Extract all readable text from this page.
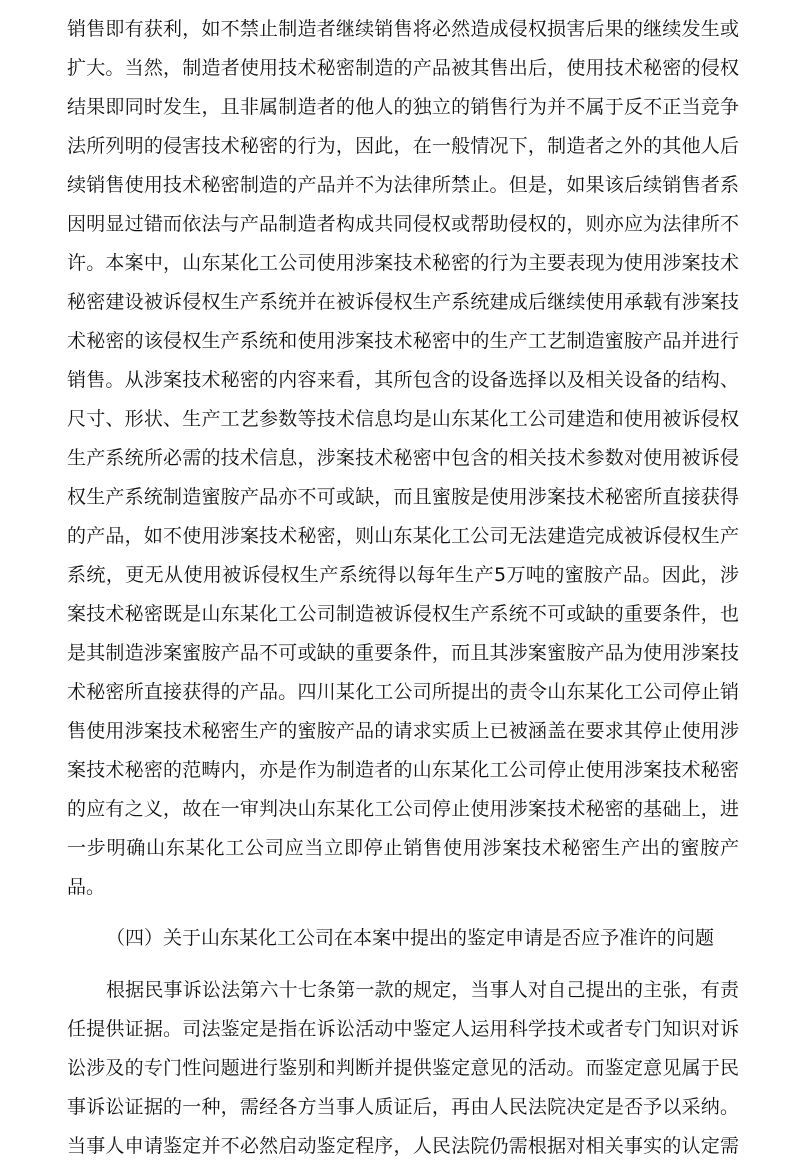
销售即有获利，如不禁止制造者继续销售将必然造成侵权损害后果的继续发生或
扩大。当然，制造者使用技术秘密制造的产品被其售出后，使用技术秘密的侵权
结果即同时发生，且非属制造者的他人的独立的销售行为并不属于反不正当竞争
法所列明的侵害技术秘密的行为，因此，在一般情况下，制造者之外的其他人后
续销售使用技术秘密制造的产品并不为法律所禁止。但是，如果该后续销售者系
因明显过错而依法与产品制造者构成共同侵权或帮助侵权的，则亦应为法律所不
许。本案中，山东某化工公司使用涉案技术秘密的行为主要表现为使用涉案技术
秘密建设被诉侵权生产系统并在被诉侵权生产系统建成后继续使用承载有涉案技
术秘密的该侵权生产系统和使用涉案技术秘密中的生产工艺制造蜜胺产品并进行
销售。从涉案技术秘密的内容来看，其所包含的设备选择以及相关设备的结构、
尺寸、形状、生产工艺参数等技术信息均是山东某化工公司建造和使用被诉侵权
生产系统所必需的技术信息，涉案技术秘密中包含的相关技术参数对使用被诉侵
权生产系统制造蜜胺产品亦不可或缺，而且蜜胺是使用涉案技术秘密所直接获得
的产品，如不使用涉案技术秘密，则山东某化工公司无法建造完成被诉侵权生产
系统，更无从使用被诉侵权生产系统得以每年生产5万吨的蜜胺产品。因此，涉
案技术秘密既是山东某化工公司制造被诉侵权生产系统不可或缺的重要条件，也
是其制造涉案蜜胺产品不可或缺的重要条件，而且其涉案蜜胺产品为使用涉案技
术秘密所直接获得的产品。四川某化工公司所提出的责令山东某化工公司停止销
售使用涉案技术秘密生产的蜜胺产品的请求实质上已被涵盖在要求其停止使用涉
案技术秘密的范畴内，亦是作为制造者的山东某化工公司停止使用涉案技术秘密
的应有之义，故在一审判决山东某化工公司停止使用涉案技术秘密的基础上，进
一步明确山东某化工公司应当立即停止销售使用涉案技术秘密生产出的蜜胺产
品。
（四）关于山东某化工公司在本案中提出的鉴定申请是否应予准许的问题
根据民事诉讼法第六十七条第一款的规定，当事人对自己提出的主张，有责
任提供证据。司法鉴定是指在诉讼活动中鉴定人运用科学技术或者专门知识对诉
讼涉及的专门性问题进行鉴别和判断并提供鉴定意见的活动。而鉴定意见属于民
事诉讼证据的一种，需经各方当事人质证后，再由人民法院决定是否予以采纳。
当事人申请鉴定并不必然启动鉴定程序，人民法院仍需根据对相关事实的认定需
